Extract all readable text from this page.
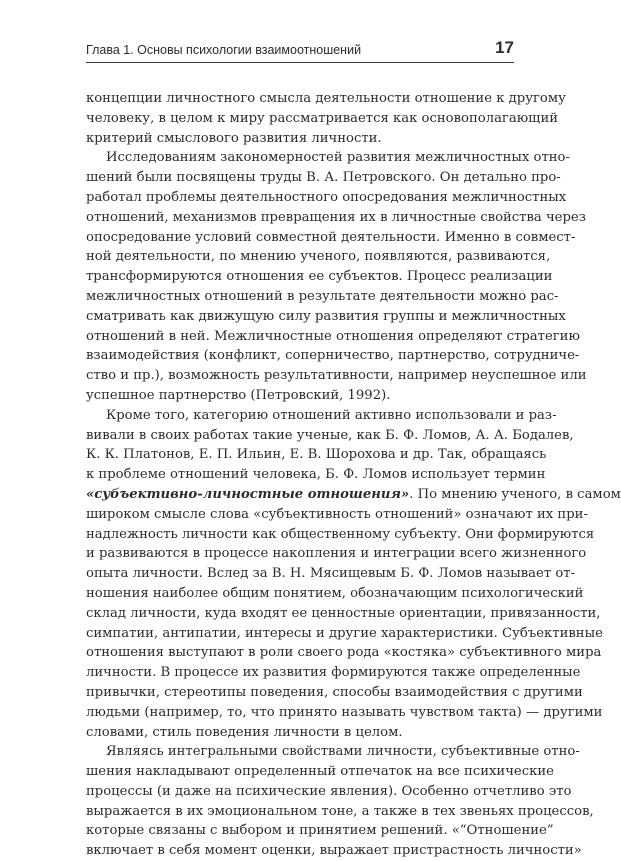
Глава 1. Основы психологии взаимоотношений	17
концепции личностного смысла деятельности отношение к другому
человеку, в целом к миру рассматривается как основополагающий
критерий смыслового развития личности.
Исследованиям закономерностей развития межличностных отно-
шений были посвящены труды В. А. Петровского. Он детально про-
работал проблемы деятельностного опосредования межличностных
отношений, механизмов превращения их в личностные свойства через
опосредование условий совместной деятельности. Именно в совмест-
ной деятельности, по мнению ученого, появляются, развиваются,
трансформируются отношения ее субъектов. Процесс реализации
межличностных отношений в результате деятельности можно рас-
сматривать как движущую силу развития группы и межличностных
отношений в ней. Межличностные отношения определяют стратегию
взаимодействия (конфликт, соперничество, партнерство, сотрудниче-
ство и пр.), возможность результативности, например неуспешное или
успешное партнерство (Петровский, 1992).
Кроме того, категорию отношений активно использовали и раз-
вивали в своих работах такие ученые, как Б. Ф. Ломов, А. А. Бодалев,
К. К. Платонов, Е. П. Ильин, Е. В. Шорохова и др. Так, обращаясь
к проблеме отношений человека, Б. Ф. Ломов использует термин
«субъективно-личностные отношения». По мнению ученого, в самом
широком смысле слова «субъективность отношений» означают их при-
надлежность личности как общественному субъекту. Они формируются
и развиваются в процессе накопления и интеграции всего жизненного
опыта личности. Вслед за В. Н. Мясищевым Б. Ф. Ломов называет от-
ношения наиболее общим понятием, обозначающим психологический
склад личности, куда входят ее ценностные ориентации, привязанности,
симпатии, антипатии, интересы и другие характеристики. Субъективные
отношения выступают в роли своего рода «костяка» субъективного мира
личности. В процессе их развития формируются также определенные
привычки, стереотипы поведения, способы взаимодействия с другими
людьми (например, то, что принято называть чувством такта) — другими
словами, стиль поведения личности в целом.
Являясь интегральными свойствами личности, субъективные отно-
шения накладывают определенный отпечаток на все психические
процессы (и даже на психические явления). Особенно отчетливо это
выражается в их эмоциональном тоне, а также в тех звеньях процессов,
которые связаны с выбором и принятием решений. «“Отношение”
включает в себя момент оценки, выражает пристрастность личности»
